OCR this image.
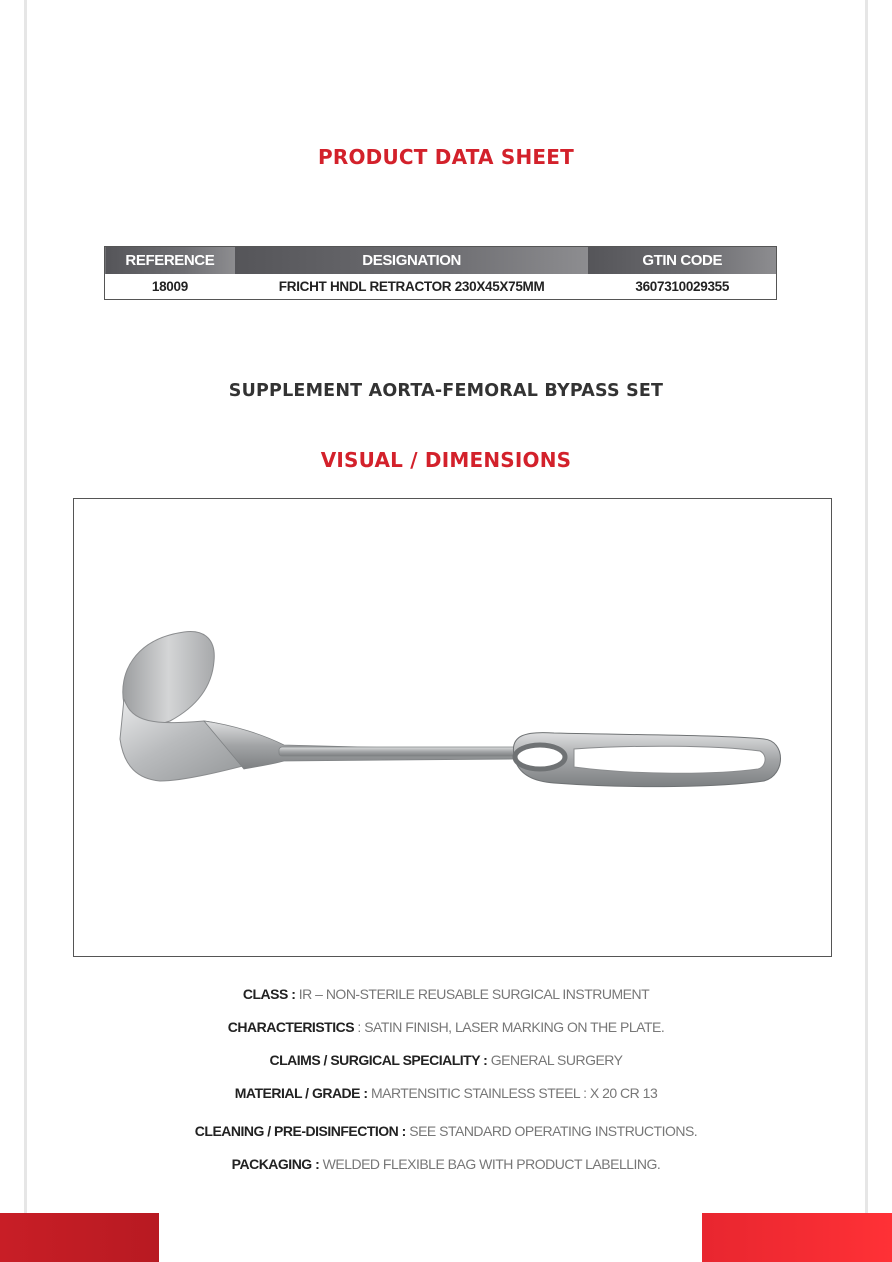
PRODUCT DATA SHEET
REFERENCE	DESIGNATION	GTIN CODE
18009	FRICHT HNDL RETRACTOR 230X45X75MM	3607310029355
SUPPLEMENT AORTA-FEMORAL BYPASS SET
VISUAL / DIMENSIONS
CLASS : IR – NON-STERILE REUSABLE SURGICAL INSTRUMENT
CHARACTERISTICS : SATIN FINISH, LASER MARKING ON THE PLATE.
CLAIMS / SURGICAL SPECIALITY : GENERAL SURGERY
MATERIAL / GRADE : MARTENSITIC STAINLESS STEEL : X 20 CR 13
CLEANING / PRE-DISINFECTION : SEE STANDARD OPERATING INSTRUCTIONS.
PACKAGING : WELDED FLEXIBLE BAG WITH PRODUCT LABELLING.
